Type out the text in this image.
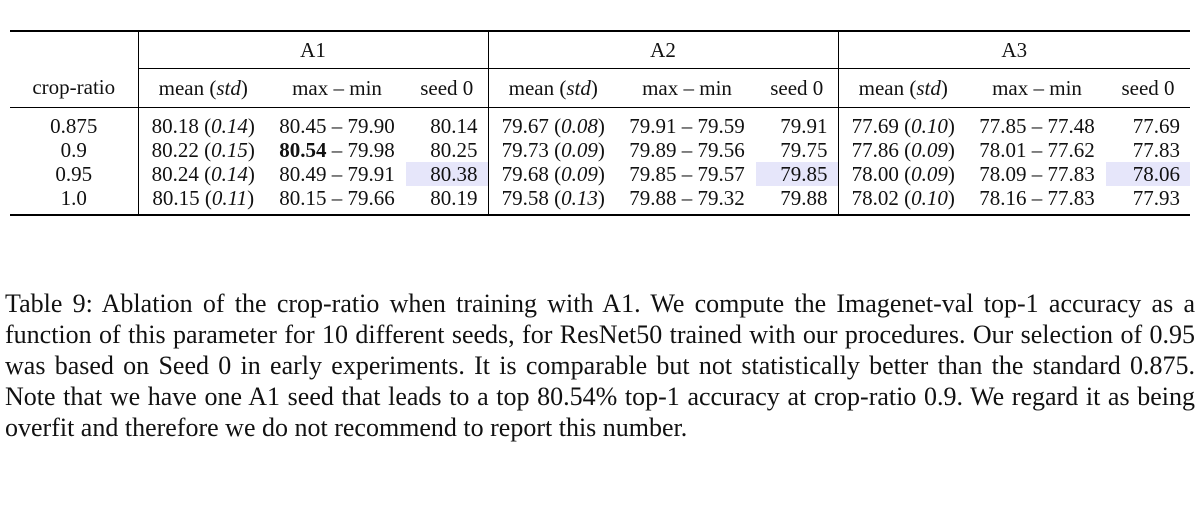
	A1			A2			A3		
crop-ratio	mean (std)	max – min	seed 0	mean (std)	max – min	seed 0	mean (std)	max – min	seed 0
0.875	80.18 (0.14)	80.45 – 79.90	80.14	79.67 (0.08)	79.91 – 79.59	79.91	77.69 (0.10)	77.85 – 77.48	77.69
0.9	80.22 (0.15)	80.54 – 79.98	80.25	79.73 (0.09)	79.89 – 79.56	79.75	77.86 (0.09)	78.01 – 77.62	77.83
0.95	80.24 (0.14)	80.49 – 79.91	80.38	79.68 (0.09)	79.85 – 79.57	79.85	78.00 (0.09)	78.09 – 77.83	78.06
1.0	80.15 (0.11)	80.15 – 79.66	80.19	79.58 (0.13)	79.88 – 79.32	79.88	78.02 (0.10)	78.16 – 77.83	77.93
Table 9: Ablation of the crop-ratio when training with A1. We compute the Imagenet-val top-1 accuracy as a function of this parameter for 10 different seeds, for ResNet50 trained with our procedures. Our selection of 0.95 was based on Seed 0 in early experiments. It is comparable but not statistically better than the standard 0.875. Note that we have one A1 seed that leads to a top 80.54% top-1 accuracy at crop-ratio 0.9. We regard it as being overfit and therefore we do not recommend to report this number.
